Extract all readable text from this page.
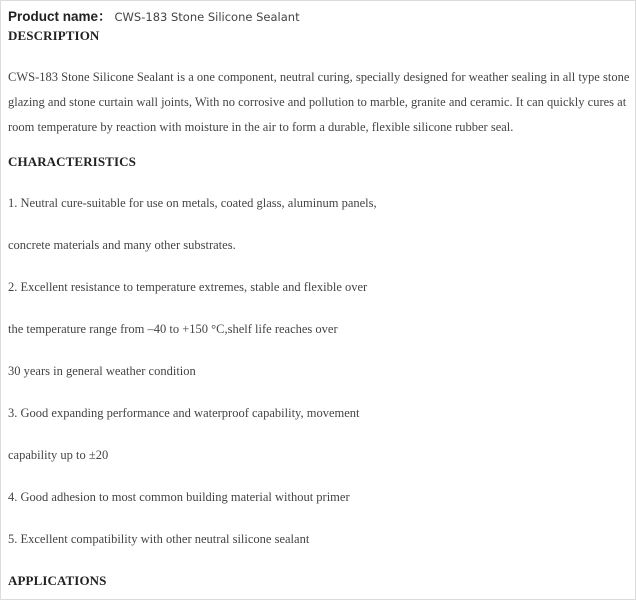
Product name： CWS-183 Stone Silicone Sealant
DESCRIPTION
CWS-183 Stone Silicone Sealant is a one component, neutral curing, specially designed for weather sealing in all type stone glazing and stone curtain wall joints, With no corrosive and pollution to marble, granite and ceramic. It can quickly cures at room temperature by reaction with moisture in the air to form a durable, flexible silicone rubber seal.
CHARACTERISTICS
1. Neutral cure-suitable for use on metals, coated glass, aluminum panels,
concrete materials and many other substrates.
2. Excellent resistance to temperature extremes, stable and flexible over
the temperature range from –40 to +150 °C,shelf life reaches over
30 years in general weather condition
3. Good expanding performance and waterproof capability, movement
capability up to ±20
4. Good adhesion to most common building material without primer
5. Excellent compatibility with other neutral silicone sealant
APPLICATIONS
